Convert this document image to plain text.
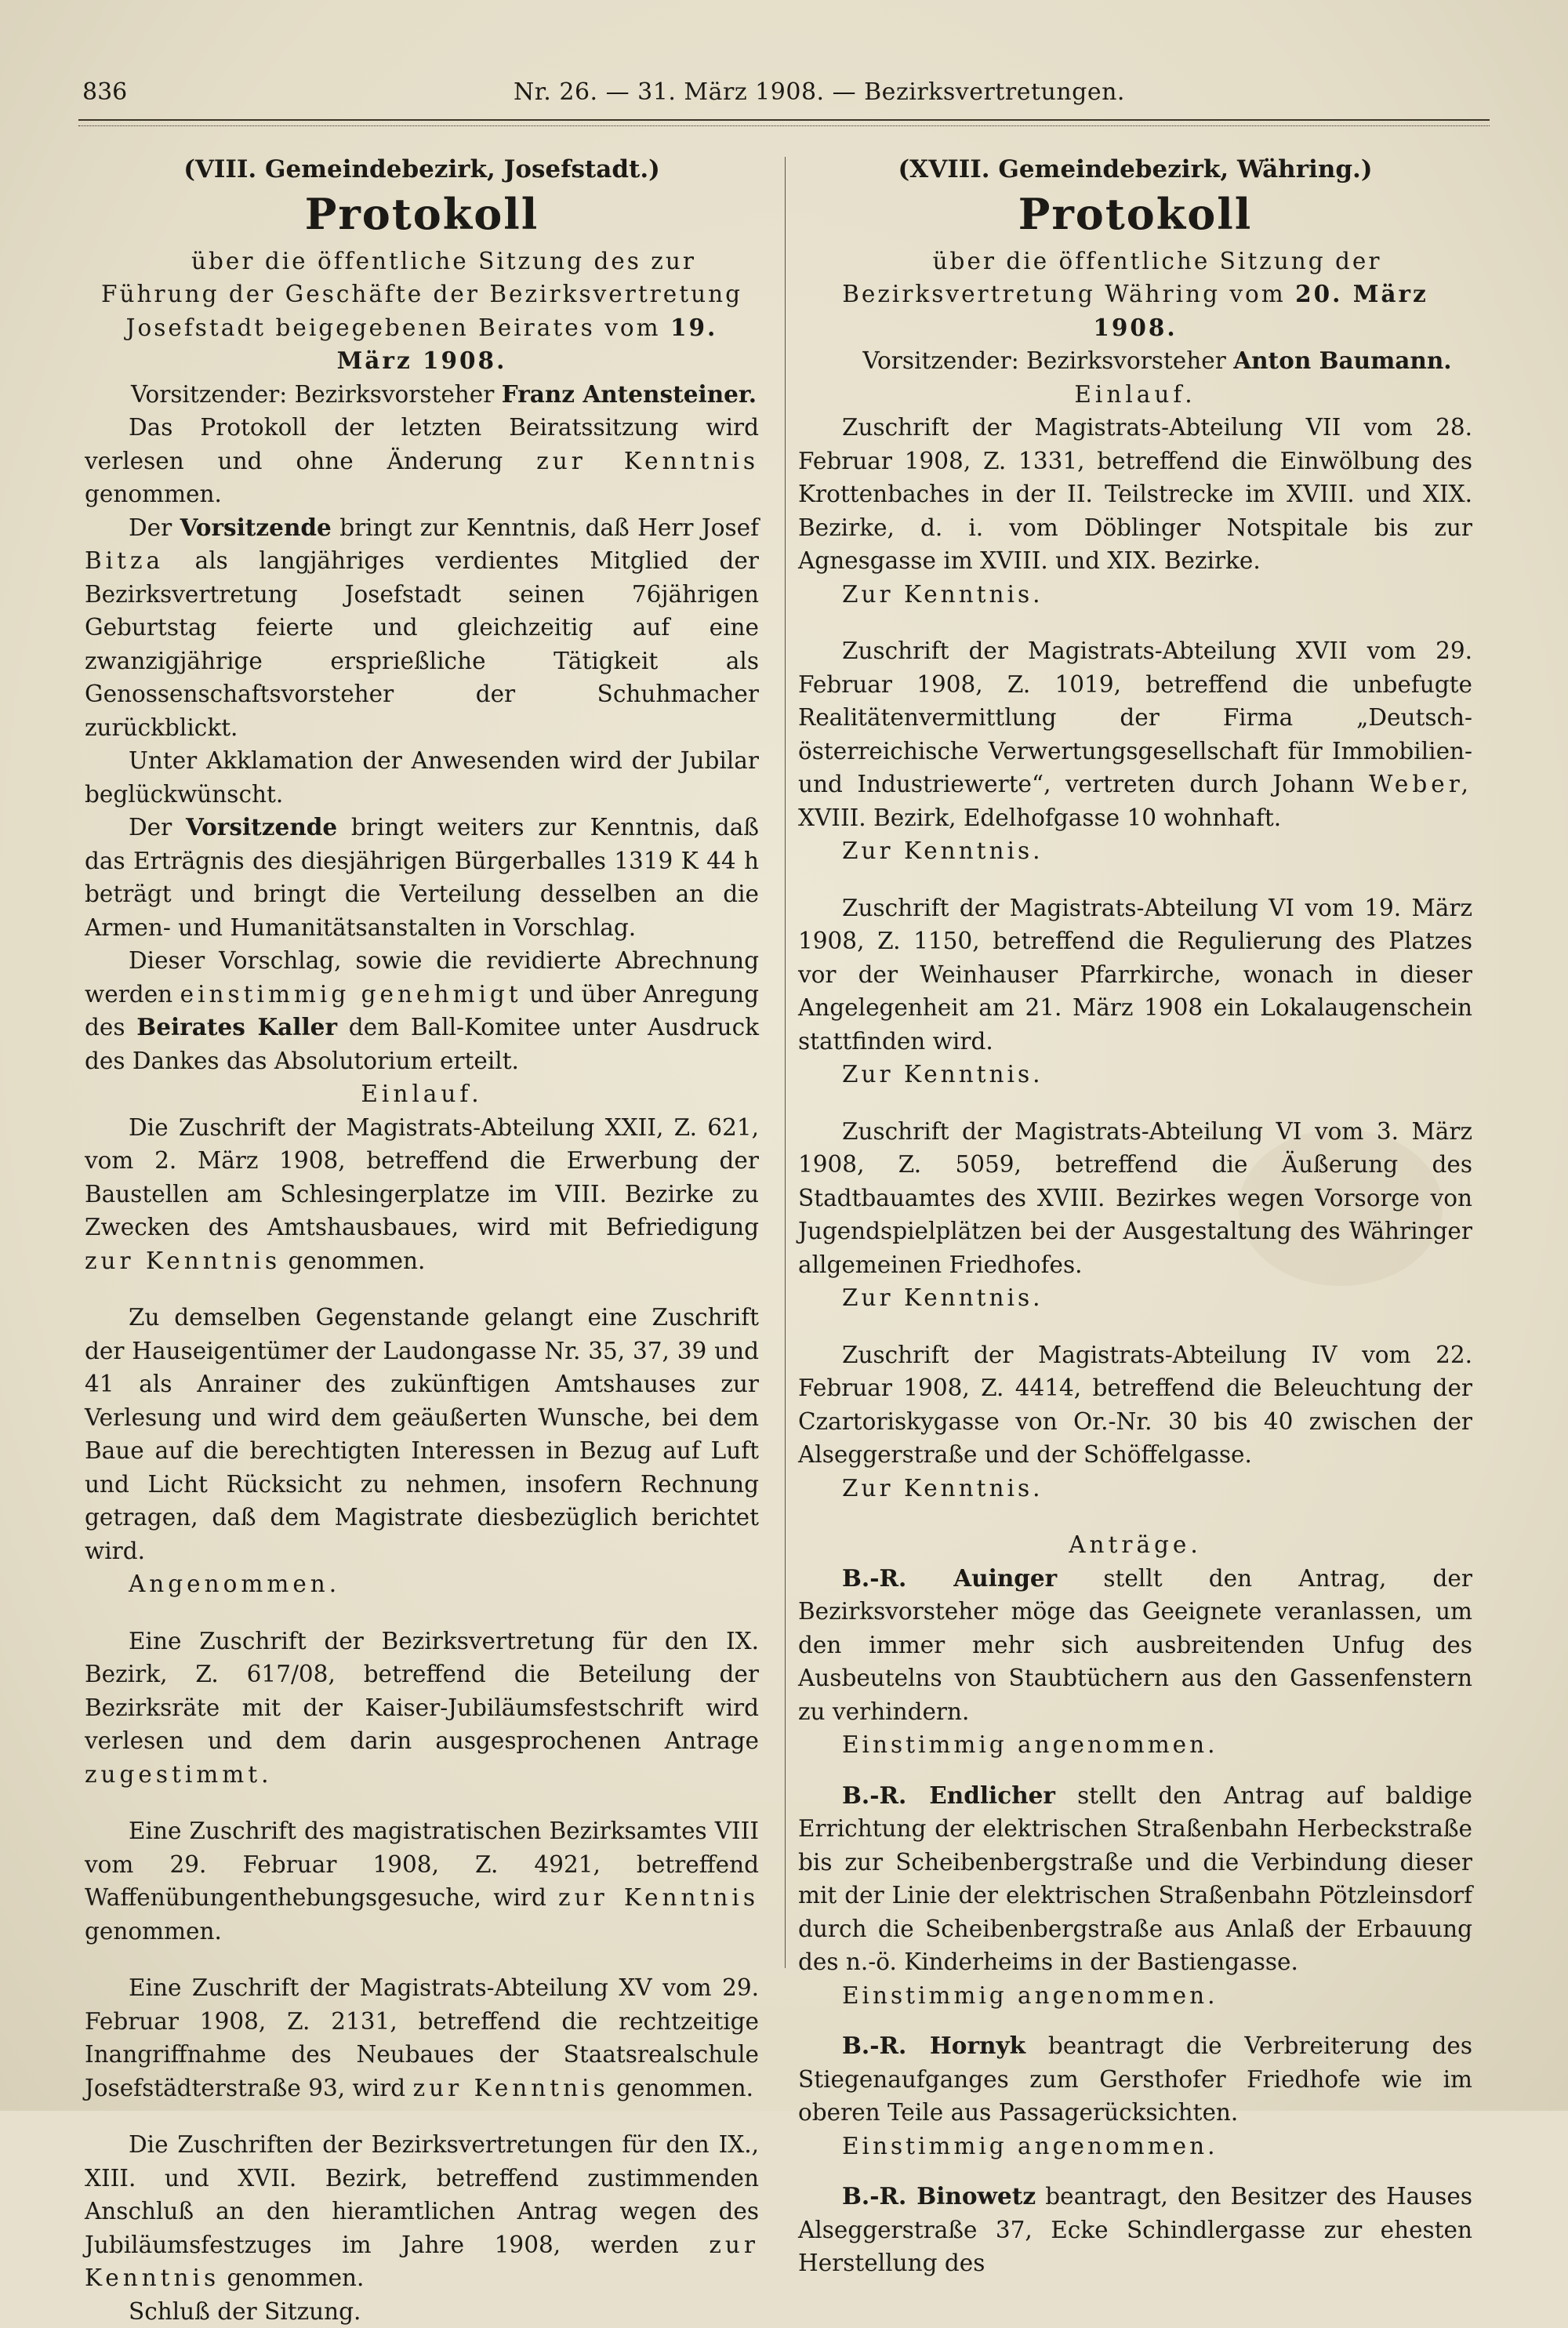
836	Nr. 26. — 31. März 1908. — Bezirksvertretungen.

(VIII. Gemeindebezirk, Josefstadt.)

Protokoll

über die öffentliche Sitzung des zur Führung der Geschäfte der Bezirksvertretung Josefstadt beigegebenen Beirates vom 19. März 1908.

Vorsitzender: Bezirksvorsteher Franz Antensteiner.

Das Protokoll der letzten Beiratssitzung wird verlesen und ohne Änderung zur Kenntnis genommen.

Der Vorsitzende bringt zur Kenntnis, daß Herr Josef Bitza als langjähriges verdientes Mitglied der Bezirksvertretung Josefstadt seinen 76jährigen Geburtstag feierte und gleichzeitig auf eine zwanzigjährige ersprießliche Tätigkeit als Genossenschaftsvorsteher der Schuhmacher zurückblickt.

Unter Akklamation der Anwesenden wird der Jubilar beglückwünscht.

Der Vorsitzende bringt weiters zur Kenntnis, daß das Erträgnis des diesjährigen Bürgerballes 1319 K 44 h beträgt und bringt die Verteilung desselben an die Armen- und Humanitätsanstalten in Vorschlag.

Dieser Vorschlag, sowie die revidierte Abrechnung werden einstimmig genehmigt und über Anregung des Beirates Kaller dem Ball-Komitee unter Ausdruck des Dankes das Absolutorium erteilt.

Einlauf.

Die Zuschrift der Magistrats-Abteilung XXII, Z. 621, vom 2. März 1908, betreffend die Erwerbung der Baustellen am Schlesingerplatze im VIII. Bezirke zu Zwecken des Amtshausbaues, wird mit Befriedigung zur Kenntnis genommen.

Zu demselben Gegenstande gelangt eine Zuschrift der Hauseigentümer der Laudongasse Nr. 35, 37, 39 und 41 als Anrainer des zukünftigen Amtshauses zur Verlesung und wird dem geäußerten Wunsche, bei dem Baue auf die berechtigten Interessen in Bezug auf Luft und Licht Rücksicht zu nehmen, insofern Rechnung getragen, daß dem Magistrate diesbezüglich berichtet wird.

Angenommen.

Eine Zuschrift der Bezirksvertretung für den IX. Bezirk, Z. 617/08, betreffend die Beteilung der Bezirksräte mit der Kaiser-Jubiläumsfestschrift wird verlesen und dem darin ausgesprochenen Antrage zugestimmt.

Eine Zuschrift des magistratischen Bezirksamtes VIII vom 29. Februar 1908, Z. 4921, betreffend Waffenübungenthebungsgesuche, wird zur Kenntnis genommen.

Eine Zuschrift der Magistrats-Abteilung XV vom 29. Februar 1908, Z. 2131, betreffend die rechtzeitige Inangriffnahme des Neubaues der Staatsrealschule Josefstädterstraße 93, wird zur Kenntnis genommen.

Die Zuschriften der Bezirksvertretungen für den IX., XIII. und XVII. Bezirk, betreffend zustimmenden Anschluß an den hieramtlichen Antrag wegen des Jubiläumsfestzuges im Jahre 1908, werden zur Kenntnis genommen.

Schluß der Sitzung.

(XVIII. Gemeindebezirk, Währing.)

Protokoll

über die öffentliche Sitzung der Bezirksvertretung Währing vom 20. März 1908.

Vorsitzender: Bezirksvorsteher Anton Baumann.

Einlauf.

Zuschrift der Magistrats-Abteilung VII vom 28. Februar 1908, Z. 1331, betreffend die Einwölbung des Krottenbaches in der II. Teilstrecke im XVIII. und XIX. Bezirke, d. i. vom Döblinger Notspitale bis zur Agnesgasse im XVIII. und XIX. Bezirke.

Zur Kenntnis.

Zuschrift der Magistrats-Abteilung XVII vom 29. Februar 1908, Z. 1019, betreffend die unbefugte Realitätenvermittlung der Firma „Deutsch-österreichische Verwertungsgesellschaft für Immobilien- und Industriewerte“, vertreten durch Johann Weber, XVIII. Bezirk, Edelhofgasse 10 wohnhaft.

Zur Kenntnis.

Zuschrift der Magistrats-Abteilung VI vom 19. März 1908, Z. 1150, betreffend die Regulierung des Platzes vor der Weinhauser Pfarrkirche, wonach in dieser Angelegenheit am 21. März 1908 ein Lokalaugenschein stattfinden wird.

Zur Kenntnis.

Zuschrift der Magistrats-Abteilung VI vom 3. März 1908, Z. 5059, betreffend die Äußerung des Stadtbauamtes des XVIII. Bezirkes wegen Vorsorge von Jugendspielplätzen bei der Ausgestaltung des Währinger allgemeinen Friedhofes.

Zur Kenntnis.

Zuschrift der Magistrats-Abteilung IV vom 22. Februar 1908, Z. 4414, betreffend die Beleuchtung der Czartoriskygasse von Or.-Nr. 30 bis 40 zwischen der Alseggerstraße und der Schöffelgasse.

Zur Kenntnis.

Anträge.

B.-R. Auinger stellt den Antrag, der Bezirksvorsteher möge das Geeignete veranlassen, um den immer mehr sich ausbreitenden Unfug des Ausbeutelns von Staubtüchern aus den Gassenfenstern zu verhindern.

Einstimmig angenommen.

B.-R. Endlicher stellt den Antrag auf baldige Errichtung der elektrischen Straßenbahn Herbeckstraße bis zur Scheibenbergstraße und die Verbindung dieser mit der Linie der elektrischen Straßenbahn Pötzleinsdorf durch die Scheibenbergstraße aus Anlaß der Erbauung des n.-ö. Kinderheims in der Bastiengasse.

Einstimmig angenommen.

B.-R. Hornyk beantragt die Verbreiterung des Stiegenaufganges zum Gersthofer Friedhofe wie im oberen Teile aus Passagerücksichten.

Einstimmig angenommen.

B.-R. Binowetz beantragt, den Besitzer des Hauses Alseggerstraße 37, Ecke Schindlergasse zur ehesten Herstellung des
